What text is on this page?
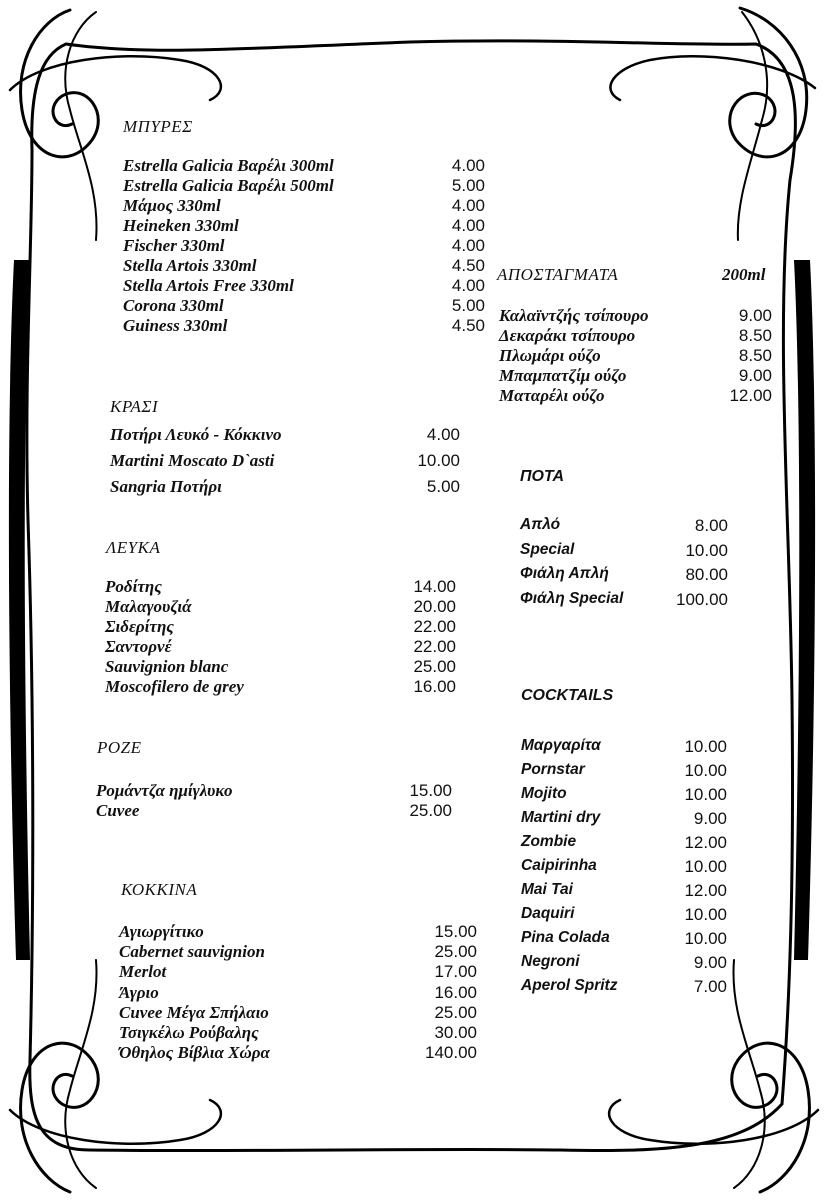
ΜΠΥΡΕΣ
Estrella Galicia Βαρέλι 300ml	4.00
Estrella Galicia Βαρέλι 500ml	5.00
Μάμος 330ml	4.00
Heineken 330ml	4.00
Fischer 330ml	4.00
Stella Artois 330ml	4.50
Stella Artois Free 330ml	4.00
Corona 330ml	5.00
Guiness 330ml	4.50
ΚΡΑΣΙ
Ποτήρι Λευκό - Κόκκινο	4.00
Martini Moscato D`asti	10.00
Sangria Ποτήρι	5.00
ΛΕΥΚΑ
Ροδίτης	14.00
Μαλαγουζιά	20.00
Σιδερίτης	22.00
Σαντορνέ	22.00
Sauvignion blanc	25.00
Moscofilero de grey	16.00
ΡΟΖΕ
Ρομάντζα ημίγλυκο	15.00
Cuvee	25.00
ΚΟΚΚΙΝΑ
Αγιωργίτικο	15.00
Cabernet sauvignion	25.00
Merlot	17.00
Άγριο	16.00
Cuvee Μέγα Σπήλαιο	25.00
Τσιγκέλω Ρούβαλης	30.00
Όθηλος Βίβλια Χώρα	140.00
ΑΠΟΣΤΑΓΜΑΤΑ	200ml
Καλαϊντζής τσίπουρο	9.00
Δεκαράκι τσίπουρο	8.50
Πλωμάρι ούζο	8.50
Μπαμπατζίμ ούζο	9.00
Ματαρέλι ούζο	12.00
ΠΟΤΑ
Απλό	8.00
Special	10.00
Φιάλη Απλή	80.00
Φιάλη Special	100.00
COCKTAILS
Μαργαρίτα	10.00
Pornstar	10.00
Mojito	10.00
Martini dry	9.00
Zombie	12.00
Caipirinha	10.00
Mai Tai	12.00
Daquiri	10.00
Pina Colada	10.00
Negroni	9.00
Aperol Spritz	7.00
